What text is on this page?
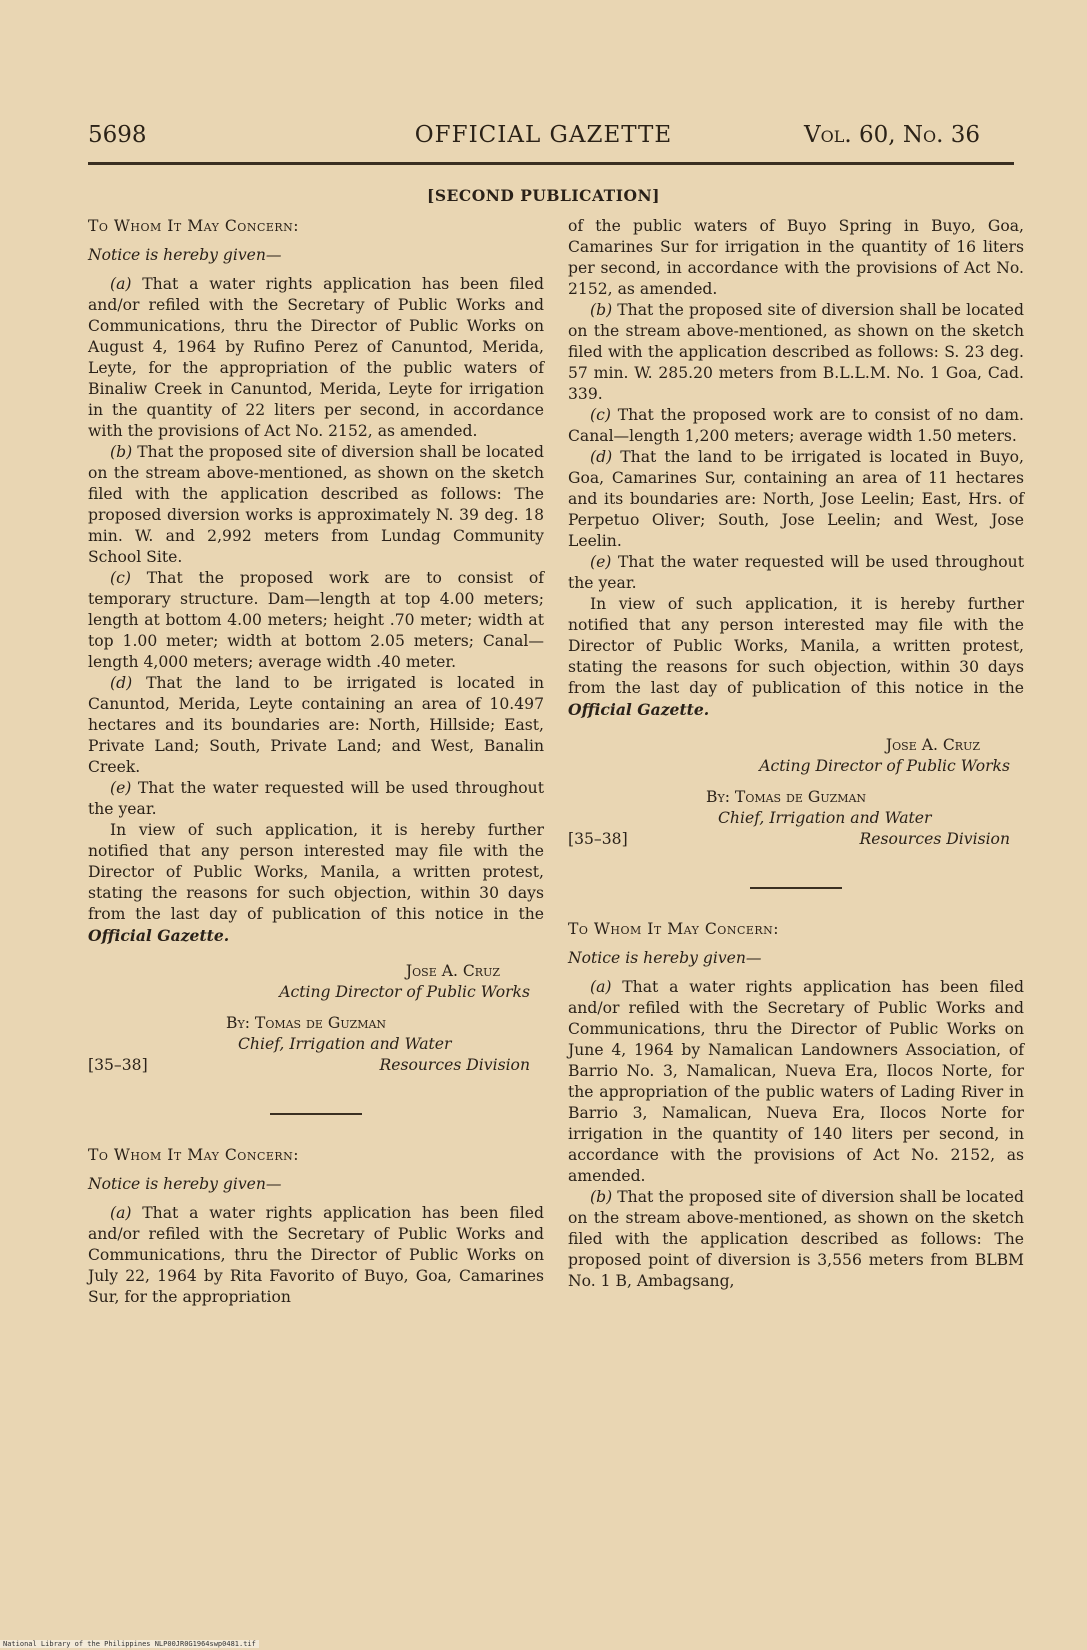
5698	OFFICIAL GAZETTE	Vol. 60, No. 36
[SECOND PUBLICATION]

To Whom It May Concern:

Notice is hereby given—

(a) That a water rights application has been filed and/or refiled with the Secretary of Public Works and Communications, thru the Director of Public Works on August 4, 1964 by Rufino Perez of Canuntod, Merida, Leyte, for the appropriation of the public waters of Binaliw Creek in Canuntod, Merida, Leyte for irrigation in the quantity of 22 liters per second, in accordance with the provisions of Act No. 2152, as amended.

(b) That the proposed site of diversion shall be located on the stream above-mentioned, as shown on the sketch filed with the application described as follows: The proposed diversion works is approximately N. 39 deg. 18 min. W. and 2,992 meters from Lundag Community School Site.

(c) That the proposed work are to consist of temporary structure. Dam—length at top 4.00 meters; length at bottom 4.00 meters; height .70 meter; width at top 1.00 meter; width at bottom 2.05 meters; Canal—length 4,000 meters; average width .40 meter.

(d) That the land to be irrigated is located in Canuntod, Merida, Leyte containing an area of 10.497 hectares and its boundaries are: North, Hillside; East, Private Land; South, Private Land; and West, Banalin Creek.

(e) That the water requested will be used throughout the year.

In view of such application, it is hereby further notified that any person interested may file with the Director of Public Works, Manila, a written protest, stating the reasons for such objection, within 30 days from the last day of publication of this notice in the Official Gazette.

Jose A. Cruz
Acting Director of Public Works
By: Tomas de Guzman
Chief, Irrigation and Water
[35–38]	Resources Division

To Whom It May Concern:

Notice is hereby given—

(a) That a water rights application has been filed and/or refiled with the Secretary of Public Works and Communications, thru the Director of Public Works on July 22, 1964 by Rita Favorito of Buyo, Goa, Camarines Sur, for the appropriation

of the public waters of Buyo Spring in Buyo, Goa, Camarines Sur for irrigation in the quantity of 16 liters per second, in accordance with the provisions of Act No. 2152, as amended.

(b) That the proposed site of diversion shall be located on the stream above-mentioned, as shown on the sketch filed with the application described as follows: S. 23 deg. 57 min. W. 285.20 meters from B.L.L.M. No. 1 Goa, Cad. 339.

(c) That the proposed work are to consist of no dam. Canal—length 1,200 meters; average width 1.50 meters.

(d) That the land to be irrigated is located in Buyo, Goa, Camarines Sur, containing an area of 11 hectares and its boundaries are: North, Jose Leelin; East, Hrs. of Perpetuo Oliver; South, Jose Leelin; and West, Jose Leelin.

(e) That the water requested will be used throughout the year.

In view of such application, it is hereby further notified that any person interested may file with the Director of Public Works, Manila, a written protest, stating the reasons for such objection, within 30 days from the last day of publication of this notice in the Official Gazette.

Jose A. Cruz
Acting Director of Public Works
By: Tomas de Guzman
Chief, Irrigation and Water
[35–38]	Resources Division

To Whom It May Concern:

Notice is hereby given—

(a) That a water rights application has been filed and/or refiled with the Secretary of Public Works and Communications, thru the Director of Public Works on June 4, 1964 by Namalican Landowners Association, of Barrio No. 3, Namalican, Nueva Era, Ilocos Norte, for the appropriation of the public waters of Lading River in Barrio 3, Namalican, Nueva Era, Ilocos Norte for irrigation in the quantity of 140 liters per second, in accordance with the provisions of Act No. 2152, as amended.

(b) That the proposed site of diversion shall be located on the stream above-mentioned, as shown on the sketch filed with the application described as follows: The proposed point of diversion is 3,556 meters from BLBM No. 1 B, Ambagsang,

National Library of the Philippines NLP00JR0G1964swp0481.tif
